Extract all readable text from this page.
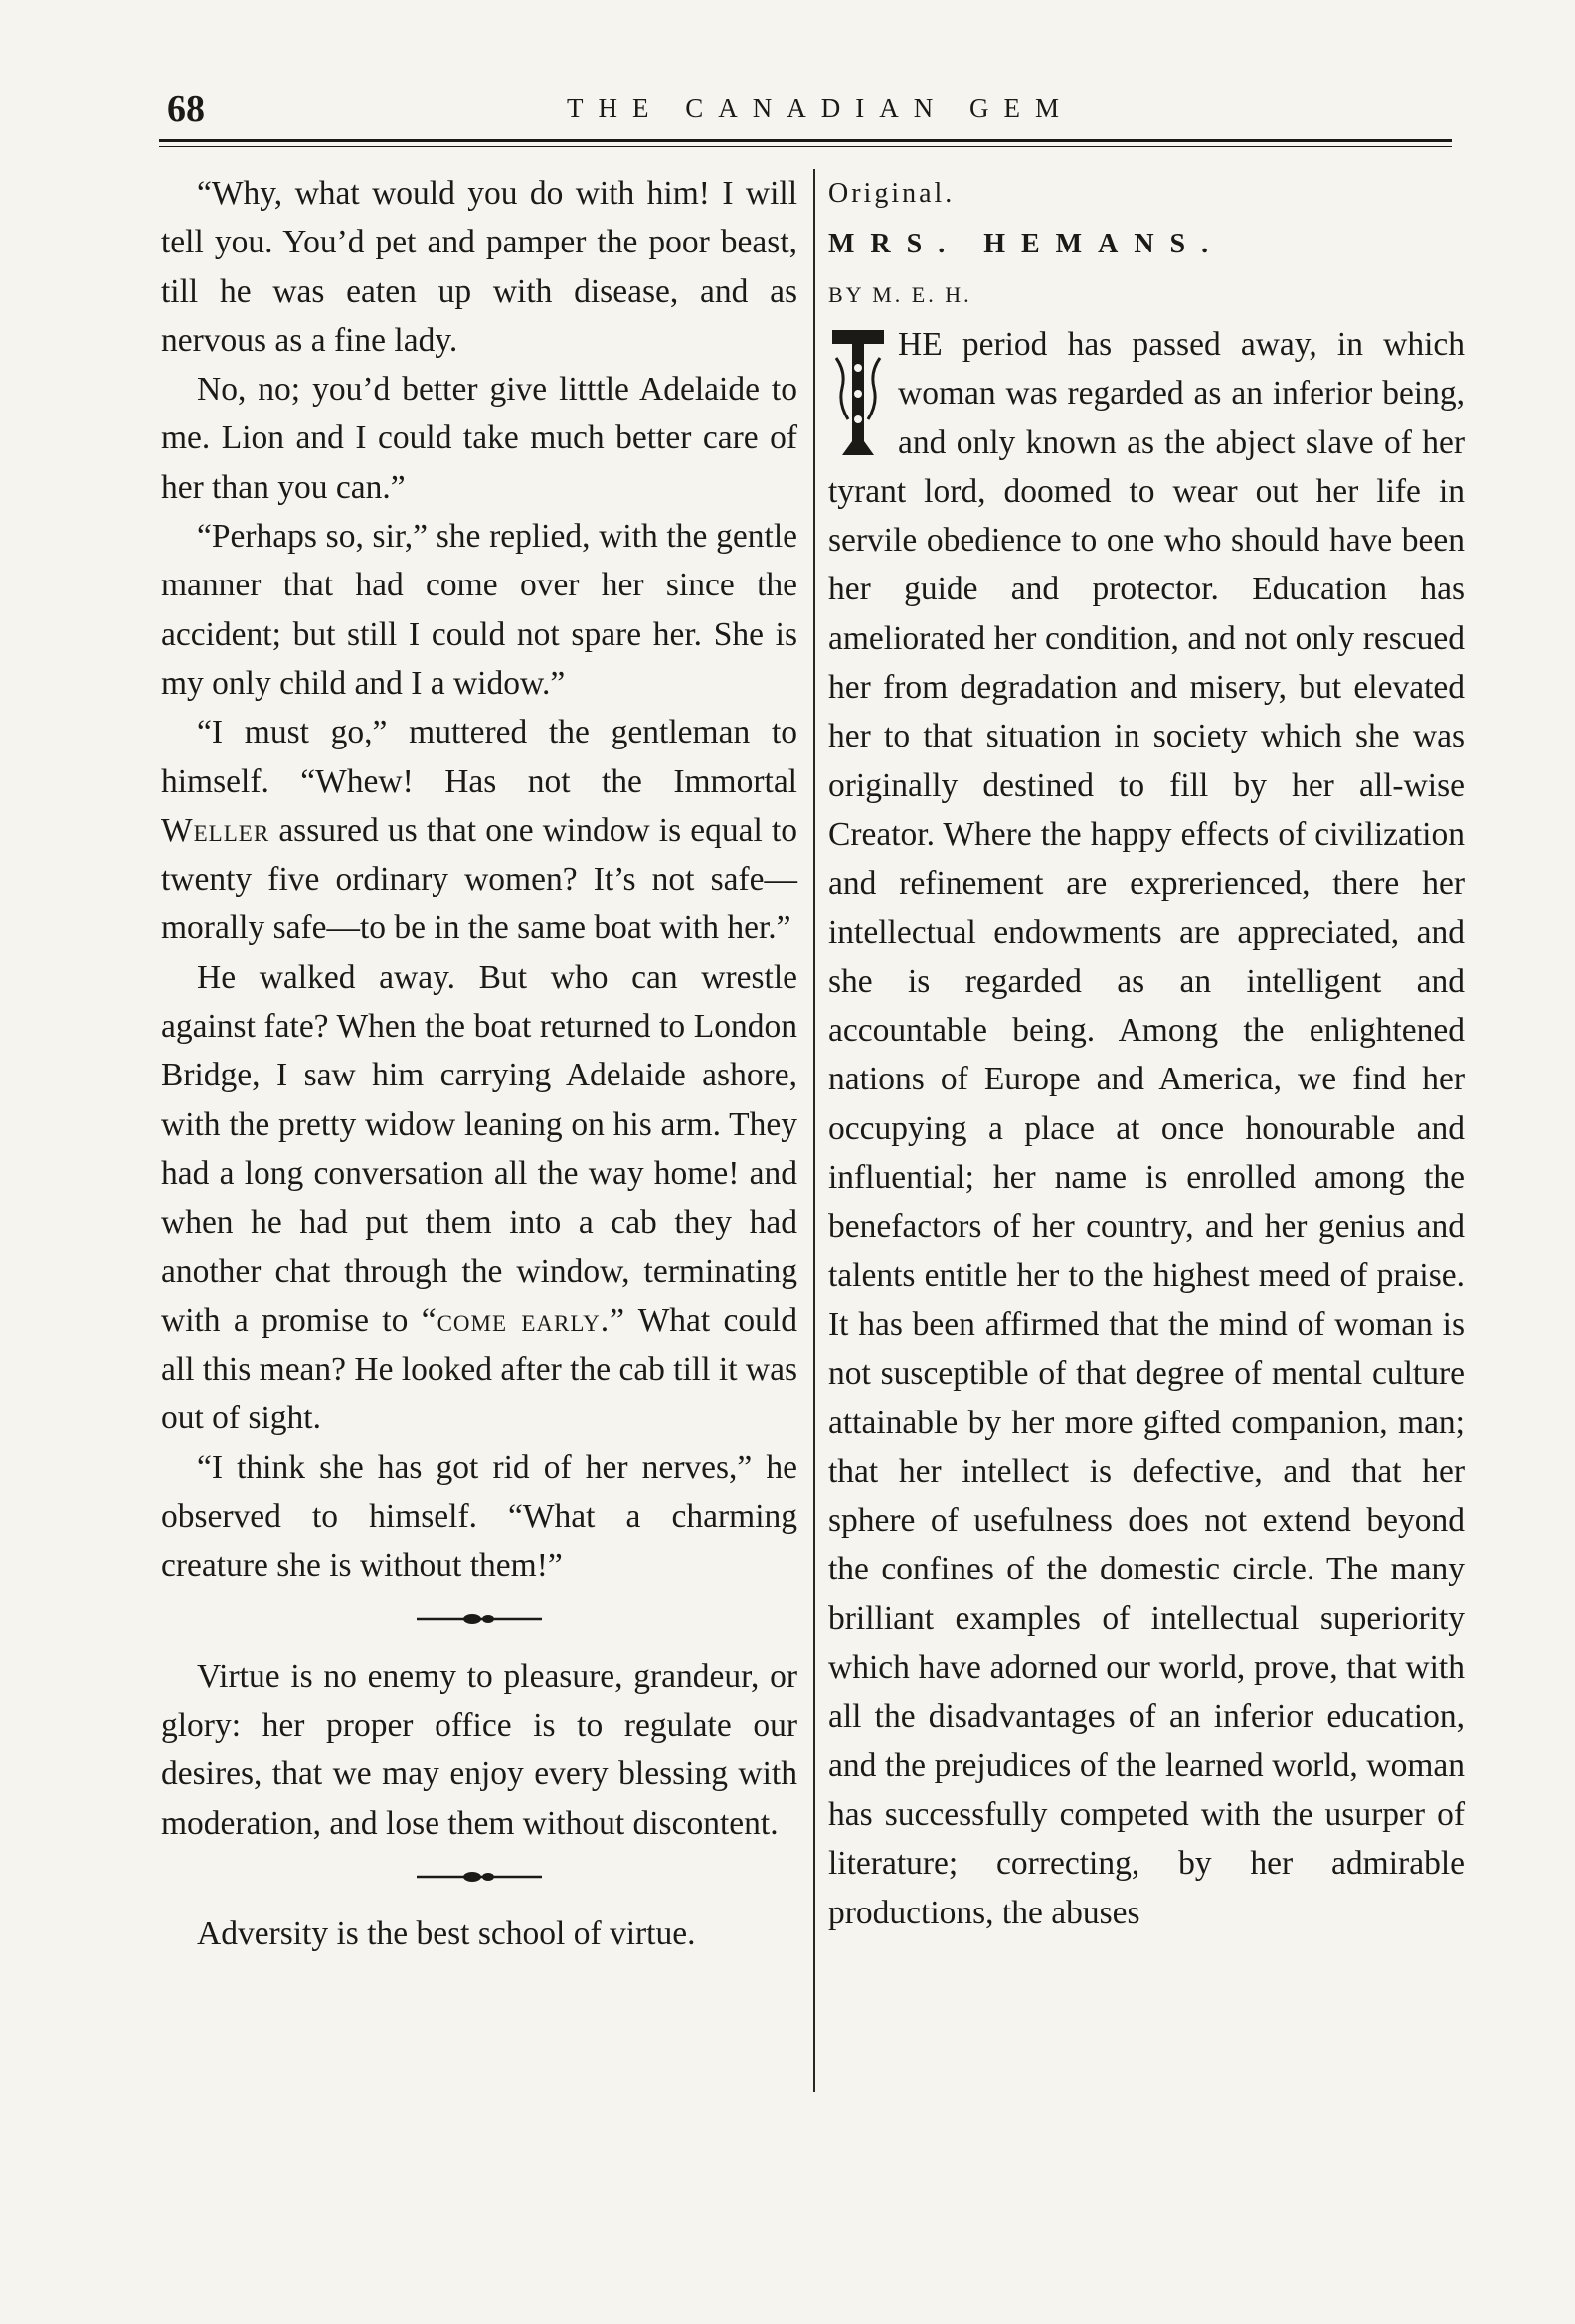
68	THE CANADIAN GEM

“Why, what would you do with him! I will tell you. You’d pet and pamper the poor beast, till he was eaten up with disease, and as nervous as a fine lady.

No, no; you’d better give litttle Adelaide to me. Lion and I could take much better care of her than you can.”

“Perhaps so, sir,” she replied, with the gentle manner that had come over her since the accident; but still I could not spare her. She is my only child and I a widow.”

“I must go,” muttered the gentleman to himself. “Whew! Has not the Immortal Weller assured us that one window is equal to twenty five ordinary women? It’s not safe—morally safe—to be in the same boat with her.”

He walked away. But who can wrestle against fate? When the boat returned to London Bridge, I saw him carrying Adelaide ashore, with the pretty widow leaning on his arm. They had a long conversation all the way home! and when he had put them into a cab they had another chat through the window, terminating with a promise to “come early.” What could all this mean? He looked after the cab till it was out of sight.

“I think she has got rid of her nerves,” he observed to himself. “What a charming creature she is without them!”

Virtue is no enemy to pleasure, grandeur, or glory: her proper office is to regulate our desires, that we may enjoy every blessing with moderation, and lose them without discontent.

Adversity is the best school of virtue.

Original.

MRS. HEMANS.

BY M. E. H.

HE period has passed away, in which woman was regarded as an inferior being, and only known as the abject slave of her tyrant lord, doomed to wear out her life in servile obedience to one who should have been her guide and protector. Education has ameliorated her condition, and not only rescued her from degradation and misery, but elevated her to that situation in society which she was originally destined to fill by her all-wise Creator. Where the happy effects of civilization and refinement are exprerienced, there her intellectual endowments are appreciated, and she is regarded as an intelligent and accountable being. Among the enlightened nations of Europe and America, we find her occupying a place at once honourable and influential; her name is enrolled among the benefactors of her country, and her genius and talents entitle her to the highest meed of praise. It has been affirmed that the mind of woman is not susceptible of that degree of mental culture attainable by her more gifted companion, man; that her intellect is defective, and that her sphere of usefulness does not extend beyond the confines of the domestic circle. The many brilliant examples of intellectual superiority which have adorned our world, prove, that with all the disadvantages of an inferior education, and the prejudices of the learned world, woman has successfully competed with the usurper of literature; correcting, by her admirable productions, the abuses
